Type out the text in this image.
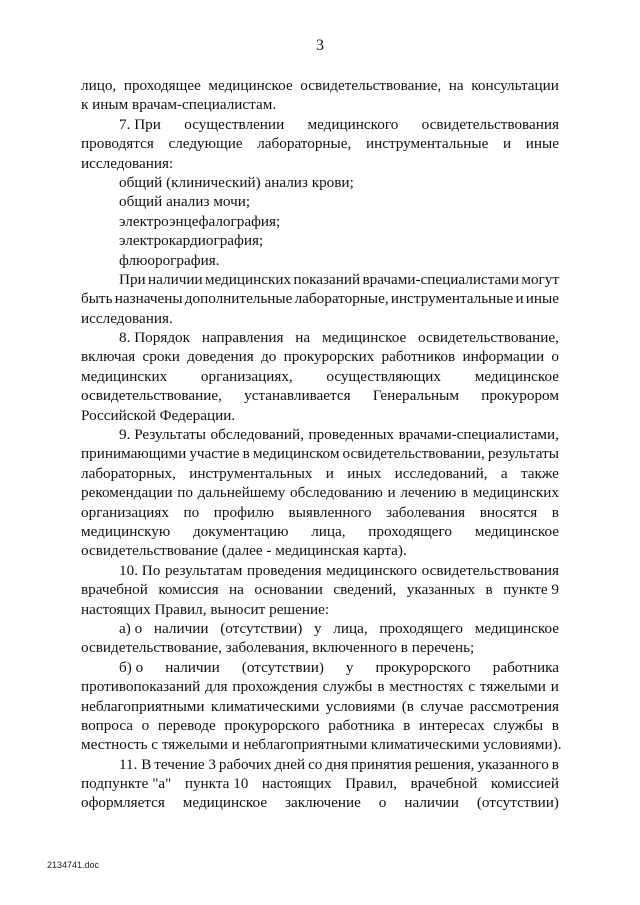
3
лицо, проходящее медицинское освидетельствование, на консультации
к иным врачам-специалистам.
7. При осуществлении медицинского освидетельствования
проводятся следующие лабораторные, инструментальные и иные
исследования:
общий (клинический) анализ крови;
общий анализ мочи;
электроэнцефалография;
электрокардиография;
флюорография.
При наличии медицинских показаний врачами-специалистами могут
быть назначены дополнительные лабораторные, инструментальные и иные
исследования.
8. Порядок направления на медицинское освидетельствование,
включая сроки доведения до прокурорских работников информации о
медицинских организациях, осуществляющих медицинское
освидетельствование, устанавливается Генеральным прокурором
Российской Федерации.
9. Результаты обследований, проведенных врачами-специалистами,
принимающими участие в медицинском освидетельствовании, результаты
лабораторных, инструментальных и иных исследований, а также
рекомендации по дальнейшему обследованию и лечению в медицинских
организациях по профилю выявленного заболевания вносятся в
медицинскую документацию лица, проходящего медицинское
освидетельствование (далее - медицинская карта).
10. По результатам проведения медицинского освидетельствования
врачебной комиссия на основании сведений, указанных в пункте 9
настоящих Правил, выносит решение:
а) о наличии (отсутствии) у лица, проходящего медицинское
освидетельствование, заболевания, включенного в перечень;
б) о наличии (отсутствии) у прокурорского работника
противопоказаний для прохождения службы в местностях с тяжелыми и
неблагоприятными климатическими условиями (в случае рассмотрения
вопроса о переводе прокурорского работника в интересах службы в
местность с тяжелыми и неблагоприятными климатическими условиями).
11. В течение 3 рабочих дней со дня принятия решения, указанного в
подпункте "а" пункта 10 настоящих Правил, врачебной комиссией
оформляется медицинское заключение о наличии (отсутствии)
2134741.doc
